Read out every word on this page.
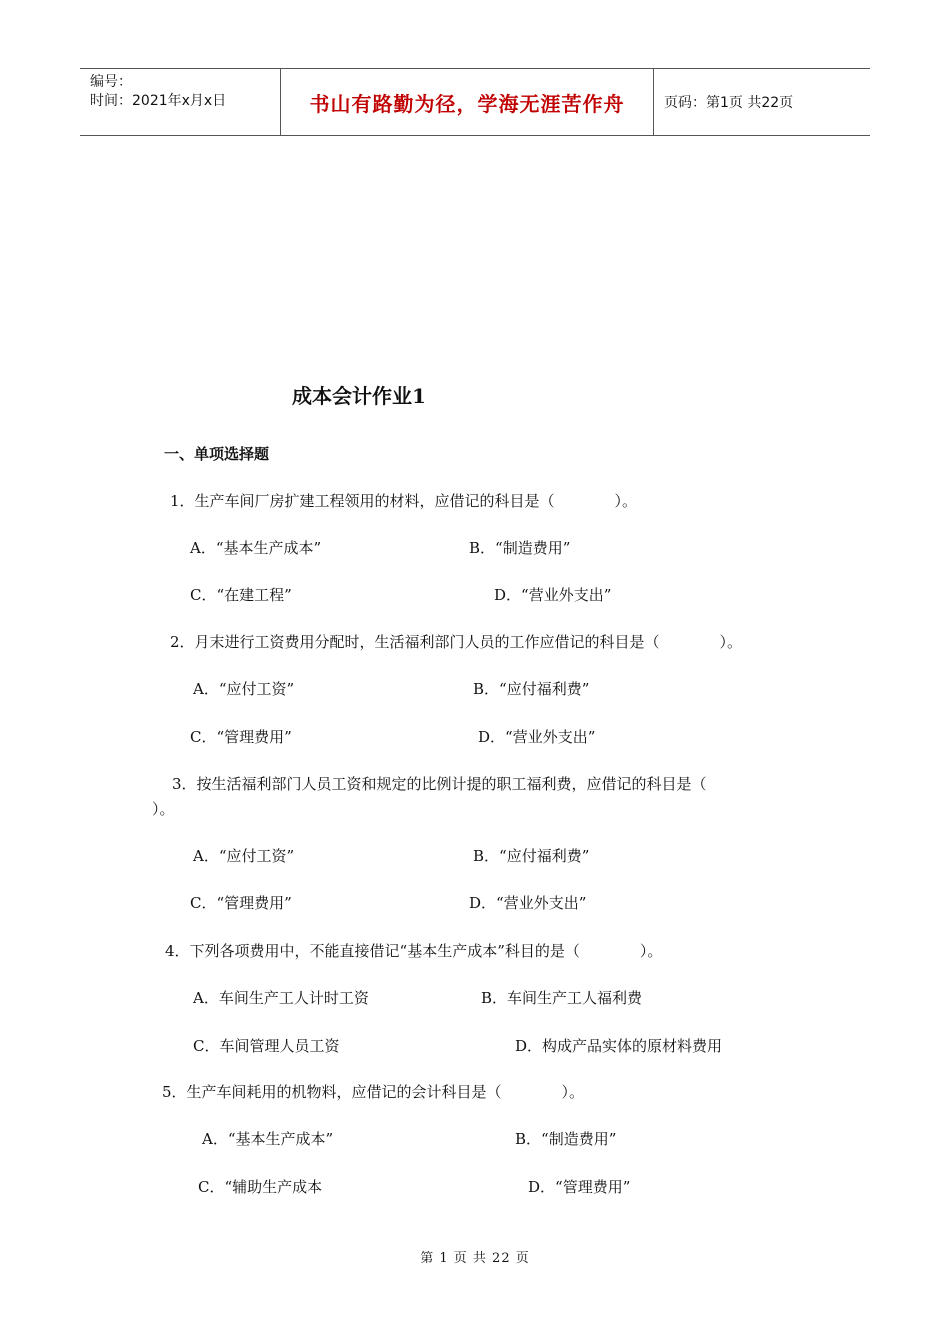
编号：
时间：2021年x月x日	书山有路勤为径，学海无涯苦作舟	页码：第1页 共22页
成本会计作业1
一、单项选择题
1．生产车间厂房扩建工程领用的材料，应借记的科目是（　　　　）。
A．“基本生产成本”	B．“制造费用”
C．“在建工程”	D．“营业外支出”
2．月末进行工资费用分配时，生活福利部门人员的工作应借记的科目是（　　　　）。
A．“应付工资”	B．“应付福利费”
C．“管理费用”	D．“营业外支出”
3．按生活福利部门人员工资和规定的比例计提的职工福利费，应借记的科目是（
）。
A．“应付工资”	B．“应付福利费”
C．“管理费用”	D．“营业外支出”
4．下列各项费用中，不能直接借记“基本生产成本”科目的是（　　　　）。
A．车间生产工人计时工资	B．车间生产工人福利费
C．车间管理人员工资	D．构成产品实体的原材料费用
5．生产车间耗用的机物料，应借记的会计科目是（　　　　）。
A．“基本生产成本”	B．“制造费用”
C．“辅助生产成本	D．“管理费用”
第 1 页 共 22 页
